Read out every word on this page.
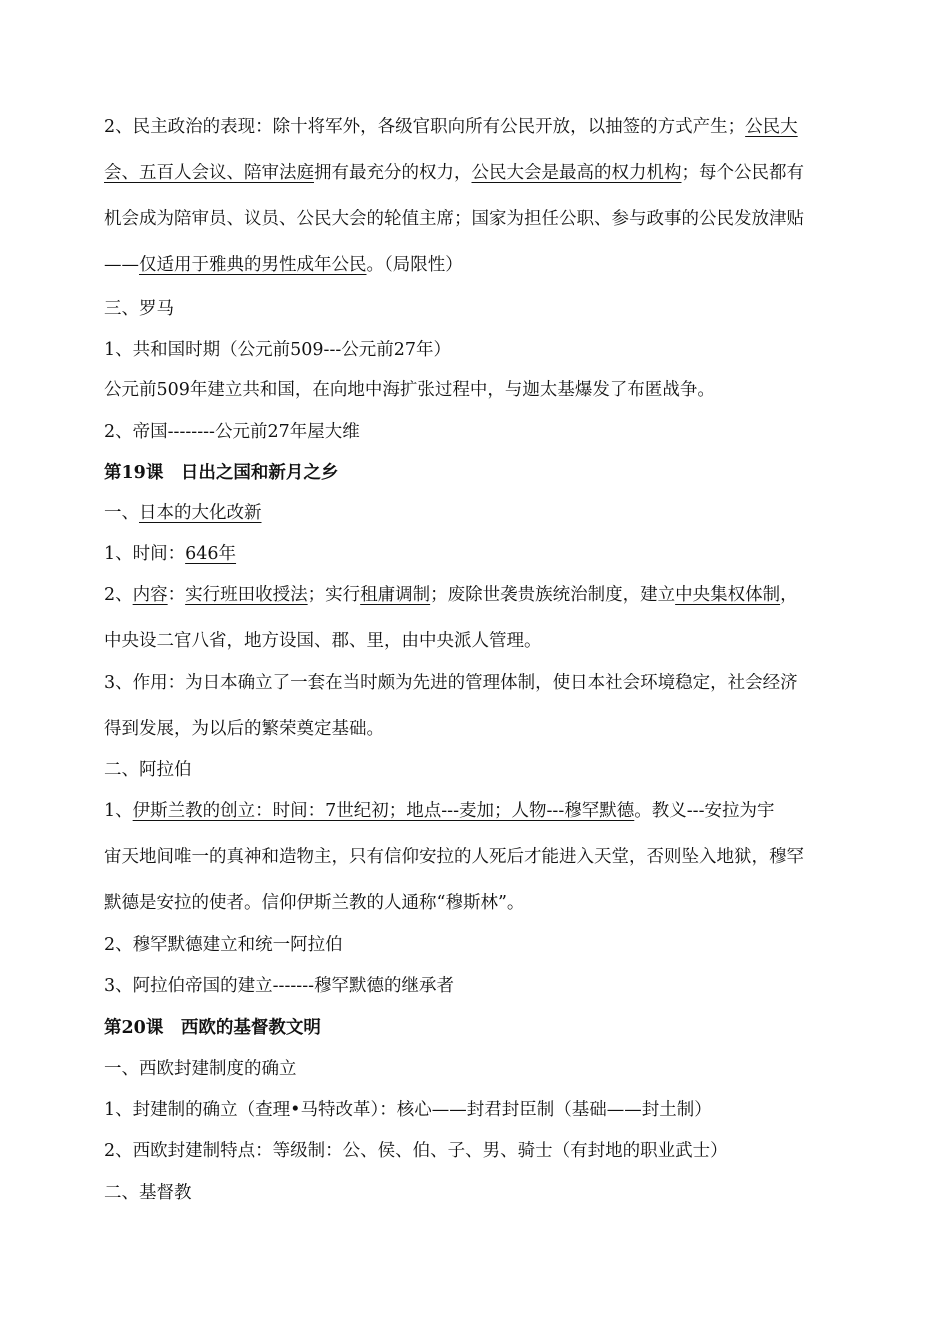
2、民主政治的表现：除十将军外，各级官职向所有公民开放，以抽签的方式产生；公民大
会、五百人会议、陪审法庭拥有最充分的权力，公民大会是最高的权力机构；每个公民都有
机会成为陪审员、议员、公民大会的轮值主席；国家为担任公职、参与政事的公民发放津贴
——仅适用于雅典的男性成年公民。（局限性）
三、罗马
1、共和国时期（公元前509---公元前27年）
公元前509年建立共和国，在向地中海扩张过程中，与迦太基爆发了布匿战争。
2、帝国--------公元前27年屋大维
第19课　日出之国和新月之乡
一、日本的大化改新
1、时间：646年
2、内容：实行班田收授法；实行租庸调制；废除世袭贵族统治制度，建立中央集权体制，
中央设二官八省，地方设国、郡、里，由中央派人管理。
3、作用：为日本确立了一套在当时颇为先进的管理体制，使日本社会环境稳定，社会经济
得到发展，为以后的繁荣奠定基础。
二、阿拉伯
1、伊斯兰教的创立：时间：7世纪初；地点---麦加；人物---穆罕默德。教义---安拉为宇
宙天地间唯一的真神和造物主，只有信仰安拉的人死后才能进入天堂，否则坠入地狱，穆罕
默德是安拉的使者。信仰伊斯兰教的人通称“穆斯林”。
2、穆罕默德建立和统一阿拉伯
3、阿拉伯帝国的建立-------穆罕默德的继承者
第20课　西欧的基督教文明
一、西欧封建制度的确立
1、封建制的确立（查理•马特改革）：核心——封君封臣制（基础——封土制）
2、西欧封建制特点：等级制：公、侯、伯、子、男、骑士（有封地的职业武士）
二、基督教
